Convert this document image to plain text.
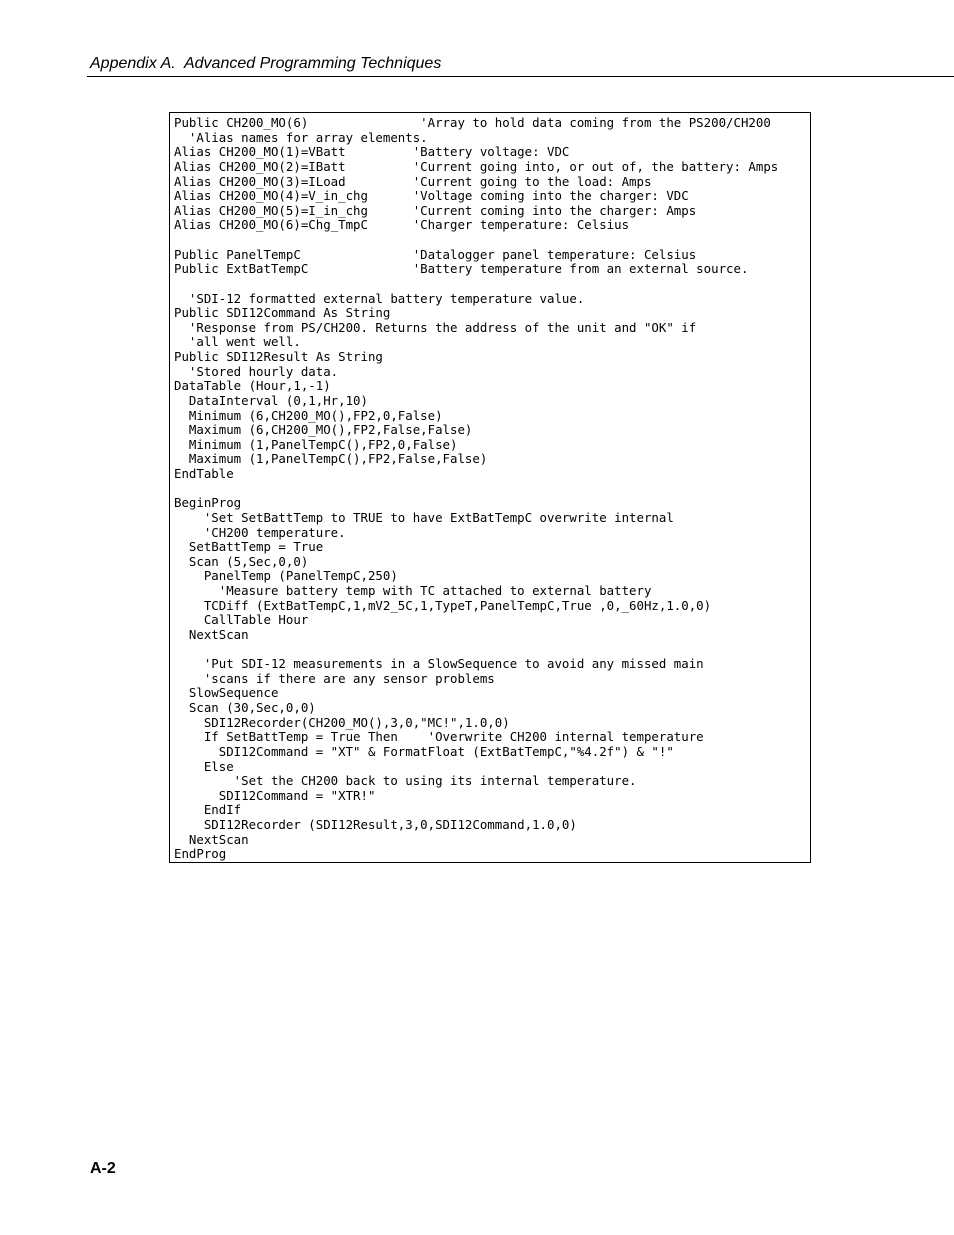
Appendix A.  Advanced Programming Techniques
Public CH200_MO(6)               'Array to hold data coming from the PS200/CH200
'Alias names for array elements.
Alias CH200_MO(1)=VBatt         'Battery voltage: VDC
Alias CH200_MO(2)=IBatt         'Current going into, or out of, the battery: Amps
Alias CH200_MO(3)=ILoad         'Current going to the load: Amps
Alias CH200_MO(4)=V_in_chg      'Voltage coming into the charger: VDC
Alias CH200_MO(5)=I_in_chg      'Current coming into the charger: Amps
Alias CH200_MO(6)=Chg_TmpC      'Charger temperature: Celsius
Public PanelTempC               'Datalogger panel temperature: Celsius
Public ExtBatTempC              'Battery temperature from an external source.
'SDI-12 formatted external battery temperature value.
Public SDI12Command As String
'Response from PS/CH200. Returns the address of the unit and "OK" if
'all went well.
Public SDI12Result As String
'Stored hourly data.
DataTable (Hour,1,-1)
DataInterval (0,1,Hr,10)
Minimum (6,CH200_MO(),FP2,0,False)
Maximum (6,CH200_MO(),FP2,False,False)
Minimum (1,PanelTempC(),FP2,0,False)
Maximum (1,PanelTempC(),FP2,False,False)
EndTable
BeginProg
'Set SetBattTemp to TRUE to have ExtBatTempC overwrite internal
'CH200 temperature.
SetBattTemp = True
Scan (5,Sec,0,0)
PanelTemp (PanelTempC,250)
'Measure battery temp with TC attached to external battery
TCDiff (ExtBatTempC,1,mV2_5C,1,TypeT,PanelTempC,True ,0,_60Hz,1.0,0)
CallTable Hour
NextScan
'Put SDI-12 measurements in a SlowSequence to avoid any missed main
'scans if there are any sensor problems
SlowSequence
Scan (30,Sec,0,0)
SDI12Recorder(CH200_MO(),3,0,"MC!",1.0,0)
If SetBattTemp = True Then    'Overwrite CH200 internal temperature
SDI12Command = "XT" & FormatFloat (ExtBatTempC,"%4.2f") & "!"
Else
'Set the CH200 back to using its internal temperature.
SDI12Command = "XTR!"
EndIf
SDI12Recorder (SDI12Result,3,0,SDI12Command,1.0,0)
NextScan
EndProg
A-2
